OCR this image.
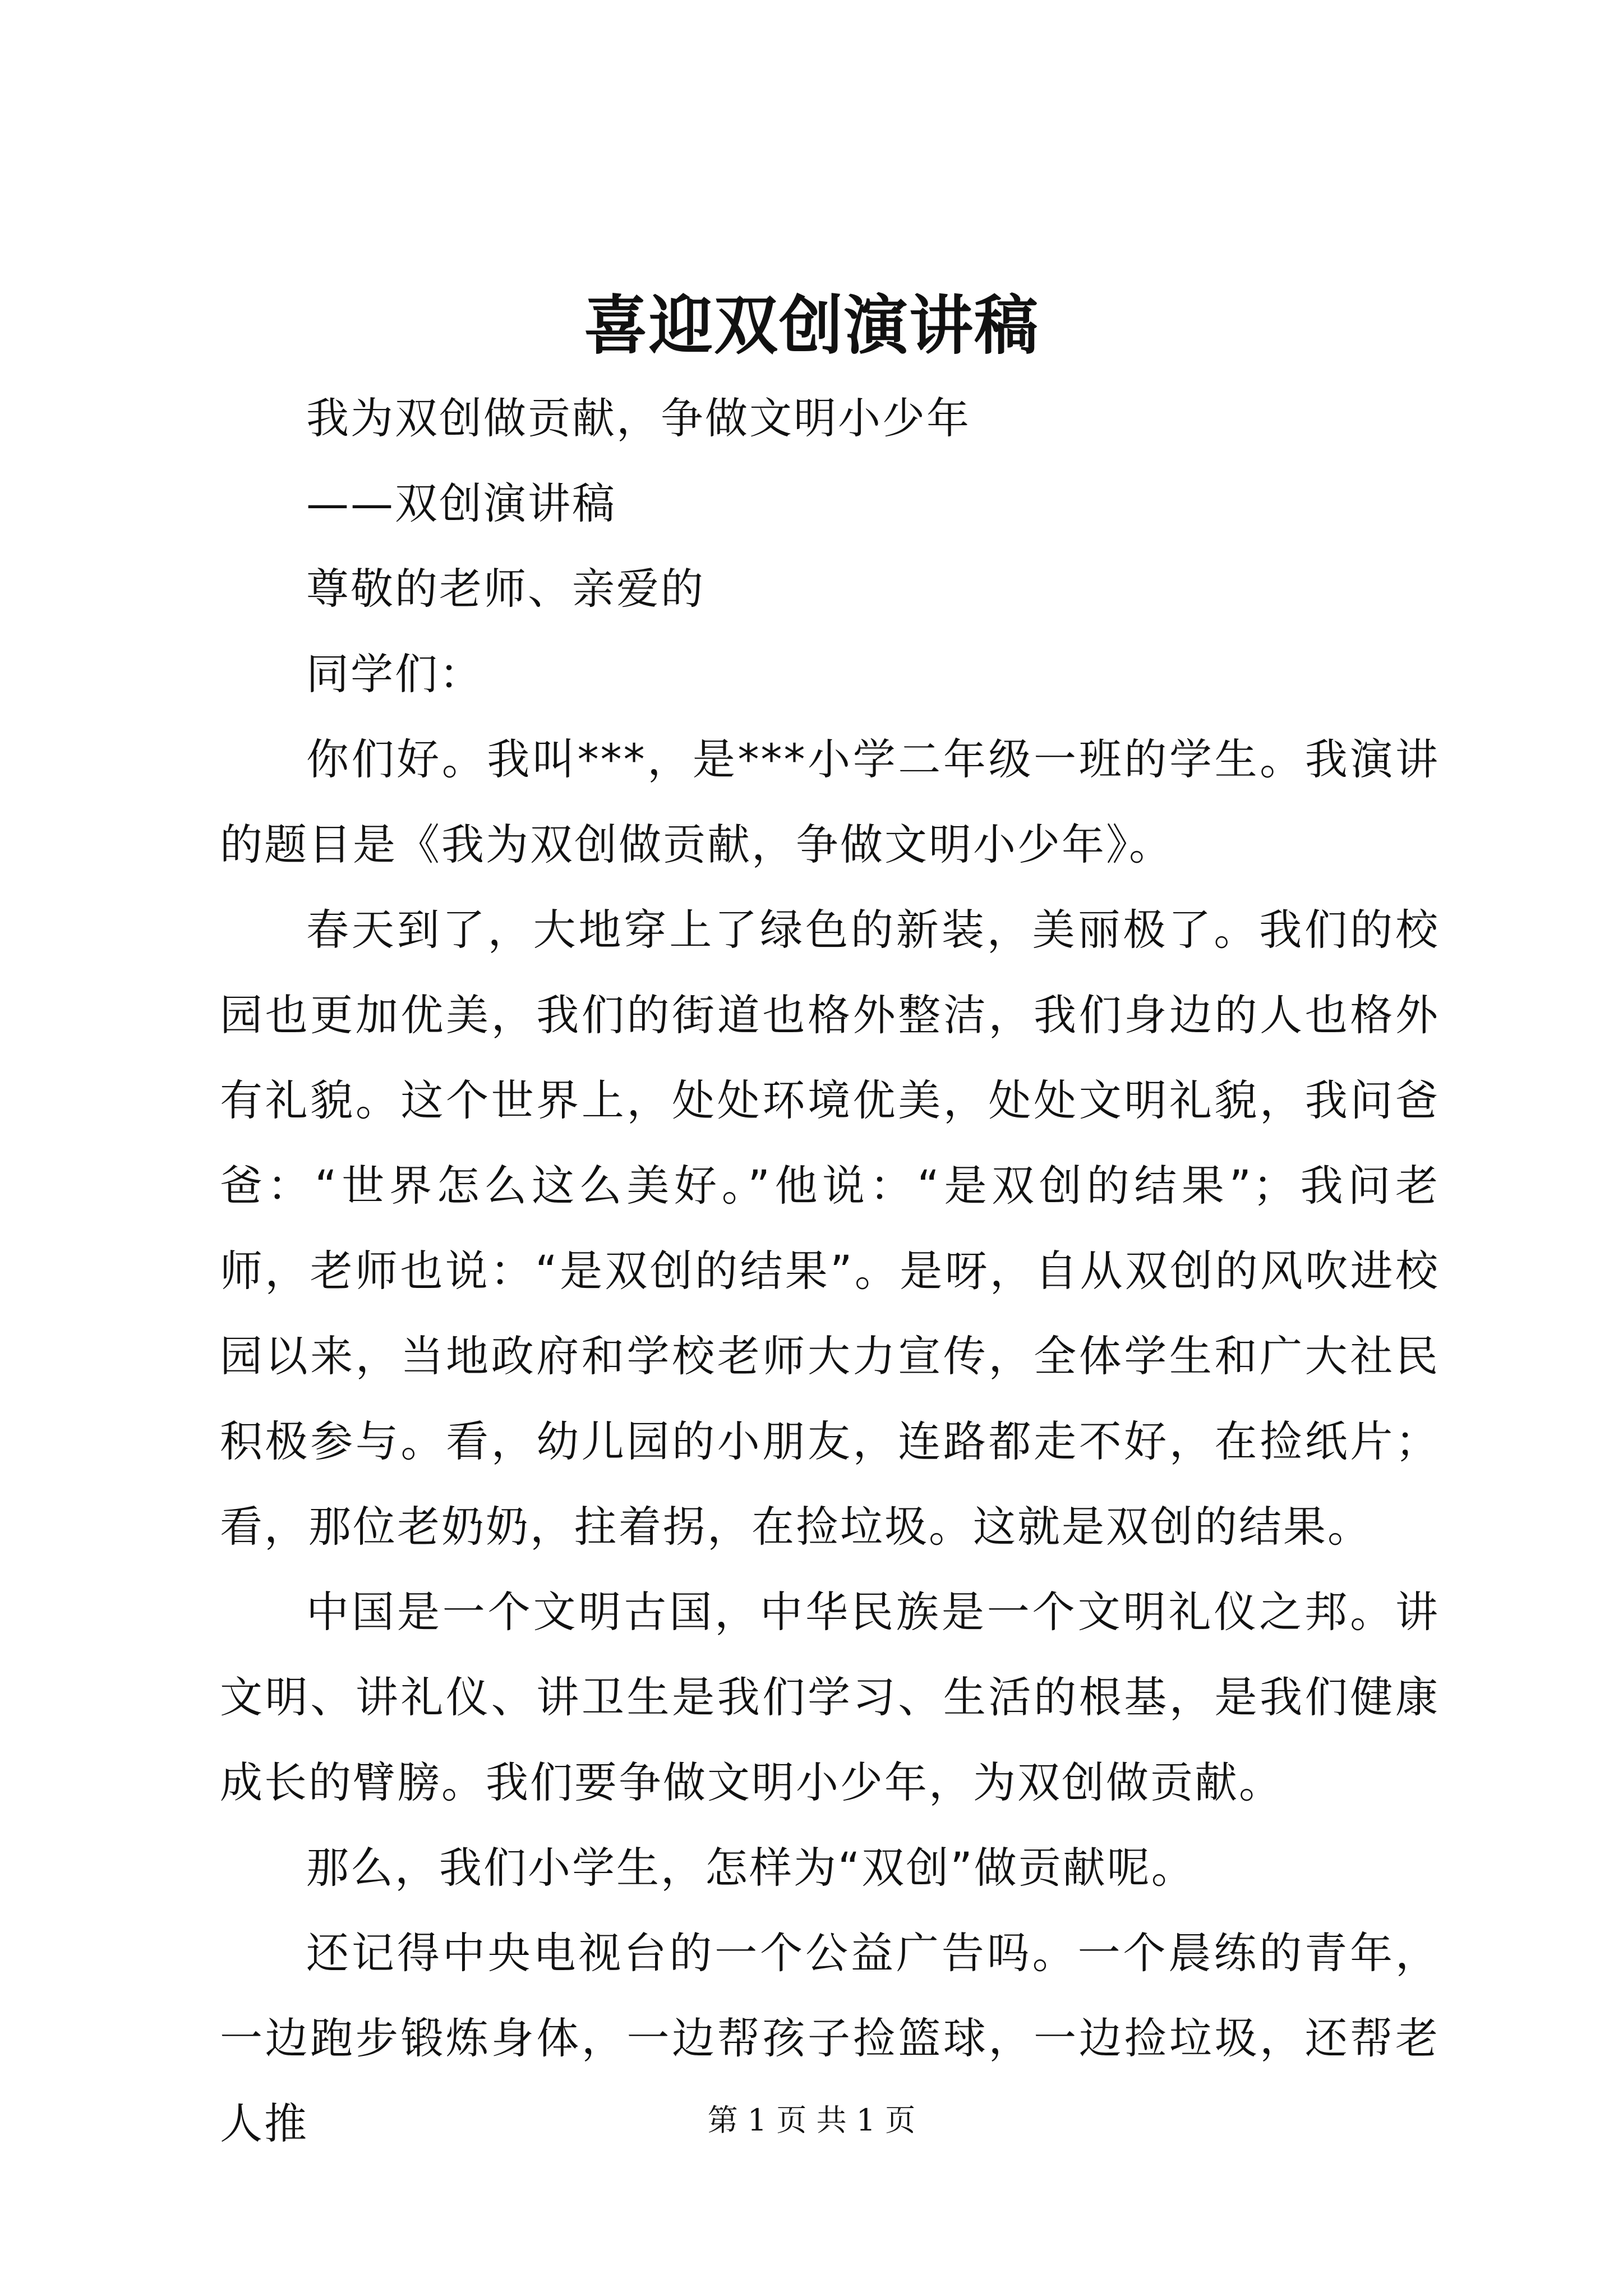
喜迎双创演讲稿

我为双创做贡献，争做文明小少年

——双创演讲稿

尊敬的老师、亲爱的

同学们：

你们好。我叫***，是***小学二年级一班的学生。我演讲的题目是《我为双创做贡献，争做文明小少年》。

春天到了，大地穿上了绿色的新装，美丽极了。我们的校园也更加优美，我们的街道也格外整洁，我们身边的人也格外有礼貌。这个世界上，处处环境优美，处处文明礼貌，我问爸爸：“世界怎么这么美好。”他说：“是双创的结果”；我问老师，老师也说：“是双创的结果”。是呀，自从双创的风吹进校园以来，当地政府和学校老师大力宣传，全体学生和广大社民积极参与。看，幼儿园的小朋友，连路都走不好，在捡纸片；看，那位老奶奶，拄着拐，在捡垃圾。这就是双创的结果。

中国是一个文明古国，中华民族是一个文明礼仪之邦。讲文明、讲礼仪、讲卫生是我们学习、生活的根基，是我们健康成长的臂膀。我们要争做文明小少年，为双创做贡献。

那么，我们小学生，怎样为“双创”做贡献呢。

还记得中央电视台的一个公益广告吗。一个晨练的青年，一边跑步锻炼身体，一边帮孩子捡篮球，一边捡垃圾，还帮老人推	第 1 页 共 1 页
